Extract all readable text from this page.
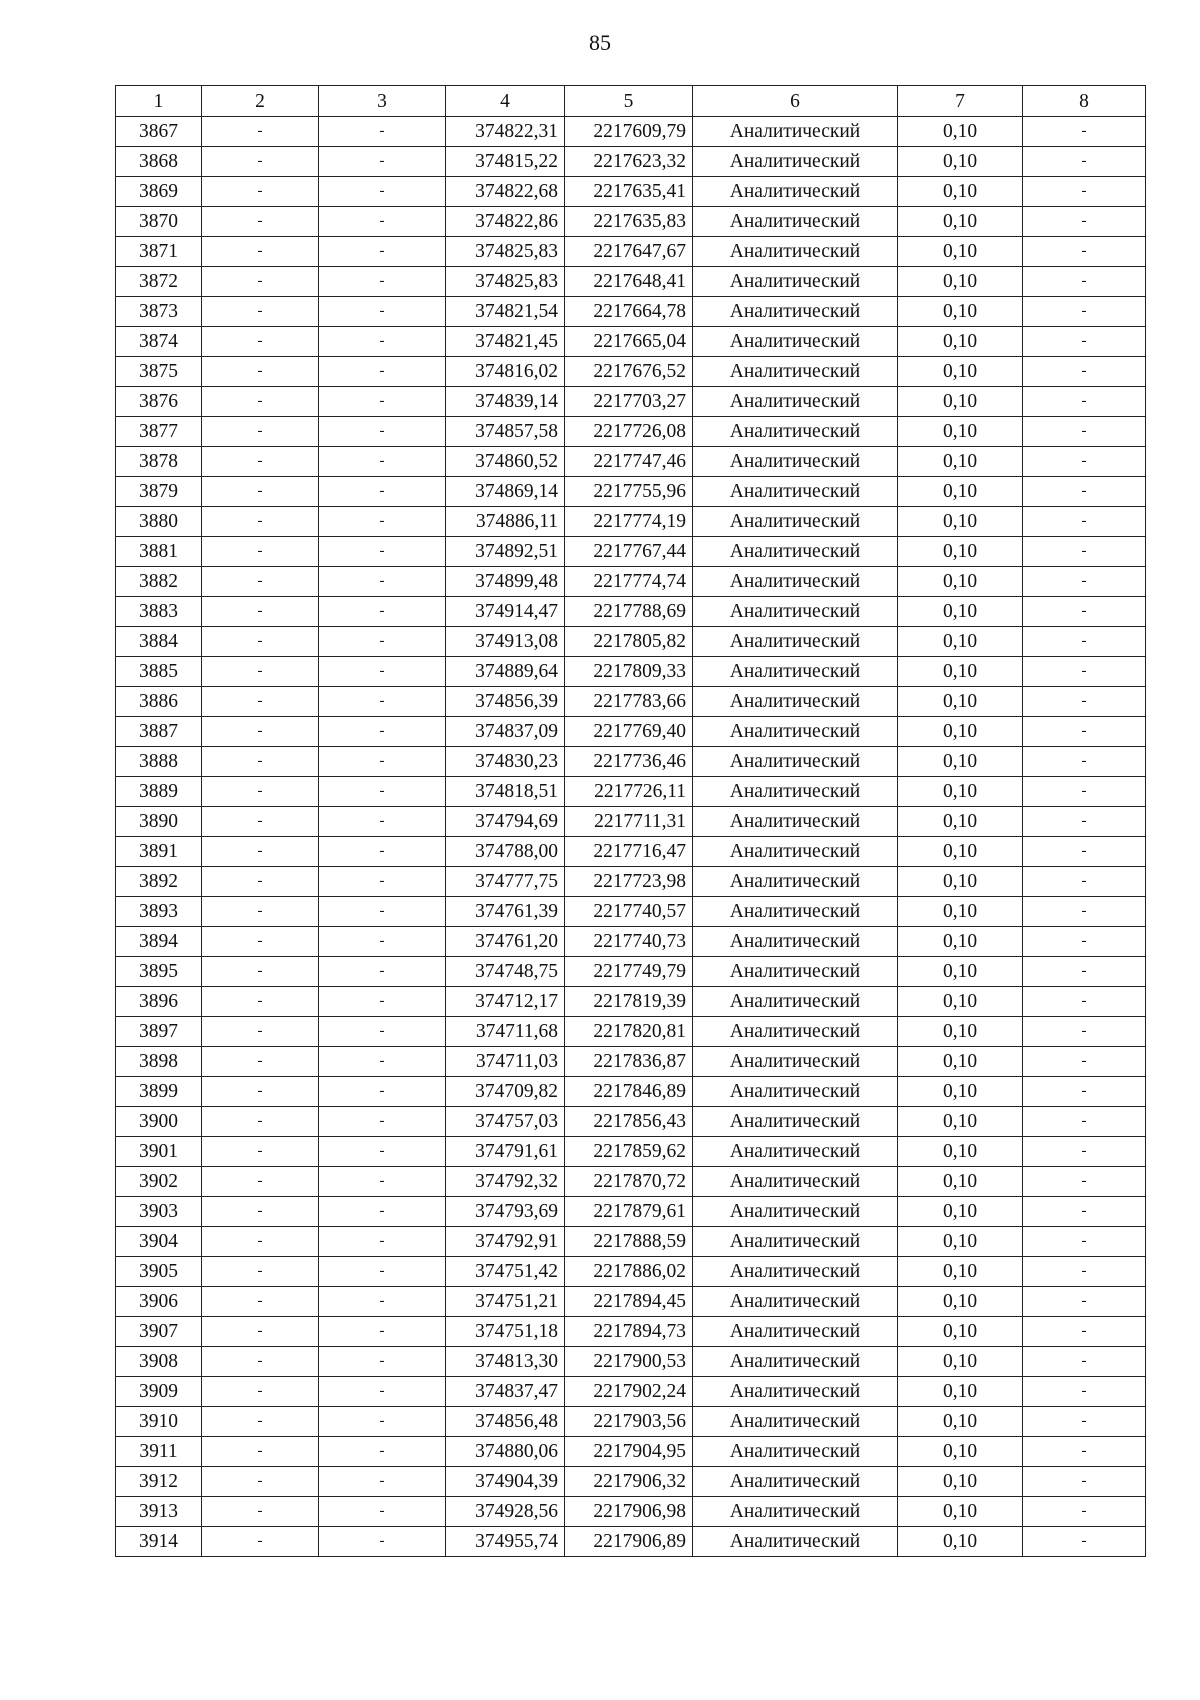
85
1	2	3	4	5	6	7	8
3867	-	-	374822,31	2217609,79	Аналитический	0,10	-
3868	-	-	374815,22	2217623,32	Аналитический	0,10	-
3869	-	-	374822,68	2217635,41	Аналитический	0,10	-
3870	-	-	374822,86	2217635,83	Аналитический	0,10	-
3871	-	-	374825,83	2217647,67	Аналитический	0,10	-
3872	-	-	374825,83	2217648,41	Аналитический	0,10	-
3873	-	-	374821,54	2217664,78	Аналитический	0,10	-
3874	-	-	374821,45	2217665,04	Аналитический	0,10	-
3875	-	-	374816,02	2217676,52	Аналитический	0,10	-
3876	-	-	374839,14	2217703,27	Аналитический	0,10	-
3877	-	-	374857,58	2217726,08	Аналитический	0,10	-
3878	-	-	374860,52	2217747,46	Аналитический	0,10	-
3879	-	-	374869,14	2217755,96	Аналитический	0,10	-
3880	-	-	374886,11	2217774,19	Аналитический	0,10	-
3881	-	-	374892,51	2217767,44	Аналитический	0,10	-
3882	-	-	374899,48	2217774,74	Аналитический	0,10	-
3883	-	-	374914,47	2217788,69	Аналитический	0,10	-
3884	-	-	374913,08	2217805,82	Аналитический	0,10	-
3885	-	-	374889,64	2217809,33	Аналитический	0,10	-
3886	-	-	374856,39	2217783,66	Аналитический	0,10	-
3887	-	-	374837,09	2217769,40	Аналитический	0,10	-
3888	-	-	374830,23	2217736,46	Аналитический	0,10	-
3889	-	-	374818,51	2217726,11	Аналитический	0,10	-
3890	-	-	374794,69	2217711,31	Аналитический	0,10	-
3891	-	-	374788,00	2217716,47	Аналитический	0,10	-
3892	-	-	374777,75	2217723,98	Аналитический	0,10	-
3893	-	-	374761,39	2217740,57	Аналитический	0,10	-
3894	-	-	374761,20	2217740,73	Аналитический	0,10	-
3895	-	-	374748,75	2217749,79	Аналитический	0,10	-
3896	-	-	374712,17	2217819,39	Аналитический	0,10	-
3897	-	-	374711,68	2217820,81	Аналитический	0,10	-
3898	-	-	374711,03	2217836,87	Аналитический	0,10	-
3899	-	-	374709,82	2217846,89	Аналитический	0,10	-
3900	-	-	374757,03	2217856,43	Аналитический	0,10	-
3901	-	-	374791,61	2217859,62	Аналитический	0,10	-
3902	-	-	374792,32	2217870,72	Аналитический	0,10	-
3903	-	-	374793,69	2217879,61	Аналитический	0,10	-
3904	-	-	374792,91	2217888,59	Аналитический	0,10	-
3905	-	-	374751,42	2217886,02	Аналитический	0,10	-
3906	-	-	374751,21	2217894,45	Аналитический	0,10	-
3907	-	-	374751,18	2217894,73	Аналитический	0,10	-
3908	-	-	374813,30	2217900,53	Аналитический	0,10	-
3909	-	-	374837,47	2217902,24	Аналитический	0,10	-
3910	-	-	374856,48	2217903,56	Аналитический	0,10	-
3911	-	-	374880,06	2217904,95	Аналитический	0,10	-
3912	-	-	374904,39	2217906,32	Аналитический	0,10	-
3913	-	-	374928,56	2217906,98	Аналитический	0,10	-
3914	-	-	374955,74	2217906,89	Аналитический	0,10	-
